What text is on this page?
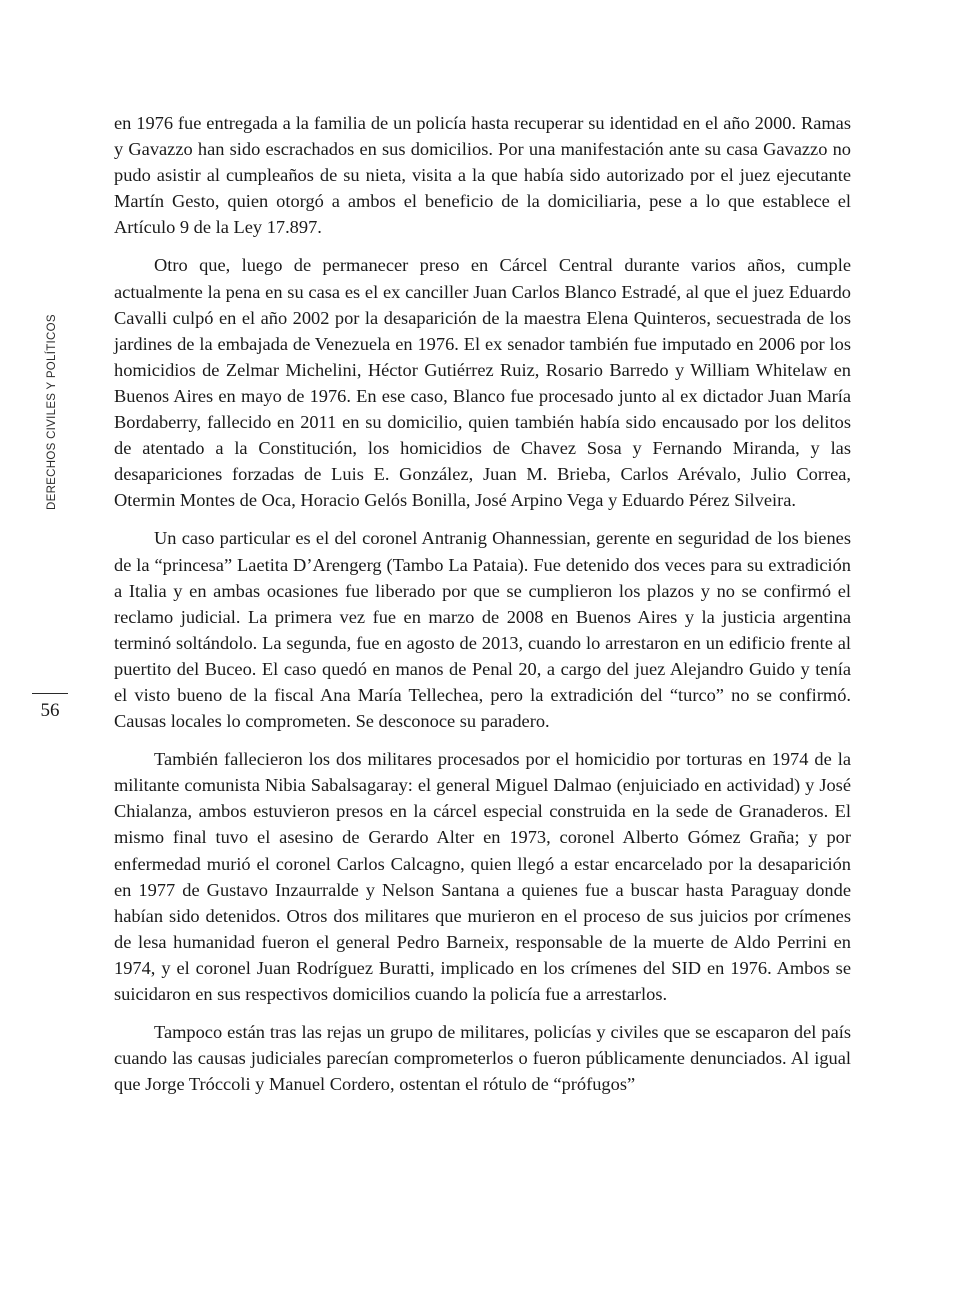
DERECHOS CIVILES Y POLÍTICOS
56

en 1976 fue entregada a la familia de un policía hasta recuperar su identidad en el año 2000. Ramas y Gavazzo han sido escrachados en sus domicilios. Por una manifestación ante su casa Gavazzo no pudo asistir al cumpleaños de su nieta, visita a la que había sido autorizado por el juez ejecutante Martín Gesto, quien otorgó a ambos el beneficio de la domiciliaria, pese a lo que establece el Artículo 9 de la Ley 17.897.

Otro que, luego de permanecer preso en Cárcel Central durante varios años, cumple actualmente la pena en su casa es el ex canciller Juan Carlos Blanco Estradé, al que el juez Eduardo Cavalli culpó en el año 2002 por la desaparición de la maestra Elena Quinteros, secuestrada de los jardines de la embajada de Venezuela en 1976. El ex senador también fue imputado en 2006 por los homicidios de Zelmar Michelini, Héctor Gutiérrez Ruiz, Rosario Barredo y William Whitelaw en Buenos Aires en mayo de 1976. En ese caso, Blanco fue procesado junto al ex dictador Juan María Bordaberry, fallecido en 2011 en su domicilio, quien también había sido encausado por los delitos de atentado a la Constitución, los homicidios de Chavez Sosa y Fernando Miranda, y las desapariciones forzadas de Luis E. González, Juan M. Brieba, Carlos Arévalo, Julio Correa, Otermin Montes de Oca, Horacio Gelós Bonilla, José Arpino Vega y Eduardo Pérez Silveira.

Un caso particular es el del coronel Antranig Ohannessian, gerente en seguridad de los bienes de la “princesa” Laetita D’Arengerg (Tambo La Pataia). Fue detenido dos veces para su extradición a Italia y en ambas ocasiones fue liberado por que se cumplieron los plazos y no se confirmó el reclamo judicial. La primera vez fue en marzo de 2008 en Buenos Aires y la justicia argentina terminó soltándolo. La segunda, fue en agosto de 2013, cuando lo arrestaron en un edificio frente al puertito del Buceo. El caso quedó en manos de Penal 20, a cargo del juez Alejandro Guido y tenía el visto bueno de la fiscal Ana María Tellechea, pero la extradición del “turco” no se confirmó. Causas locales lo comprometen. Se desconoce su paradero.

También fallecieron los dos militares procesados por el homicidio por torturas en 1974 de la militante comunista Nibia Sabalsagaray: el general Miguel Dalmao (enjuiciado en actividad) y José Chialanza, ambos estuvieron presos en la cárcel especial construida en la sede de Granaderos. El mismo final tuvo el asesino de Gerardo Alter en 1973, coronel Alberto Gómez Graña; y por enfermedad murió el coronel Carlos Calcagno, quien llegó a estar encarcelado por la desaparición en 1977 de Gustavo Inzaurralde y Nelson Santana a quienes fue a buscar hasta Paraguay donde habían sido detenidos. Otros dos militares que murieron en el proceso de sus juicios por crímenes de lesa humanidad fueron el general Pedro Barneix, responsable de la muerte de Aldo Perrini en 1974, y el coronel Juan Rodríguez Buratti, implicado en los crímenes del SID en 1976. Ambos se suicidaron en sus respectivos domicilios cuando la policía fue a arrestarlos.

Tampoco están tras las rejas un grupo de militares, policías y civiles que se escaparon del país cuando las causas judiciales parecían comprometerlos o fueron públicamente denunciados. Al igual que Jorge Tróccoli y Manuel Cordero, ostentan el rótulo de “prófugos”
